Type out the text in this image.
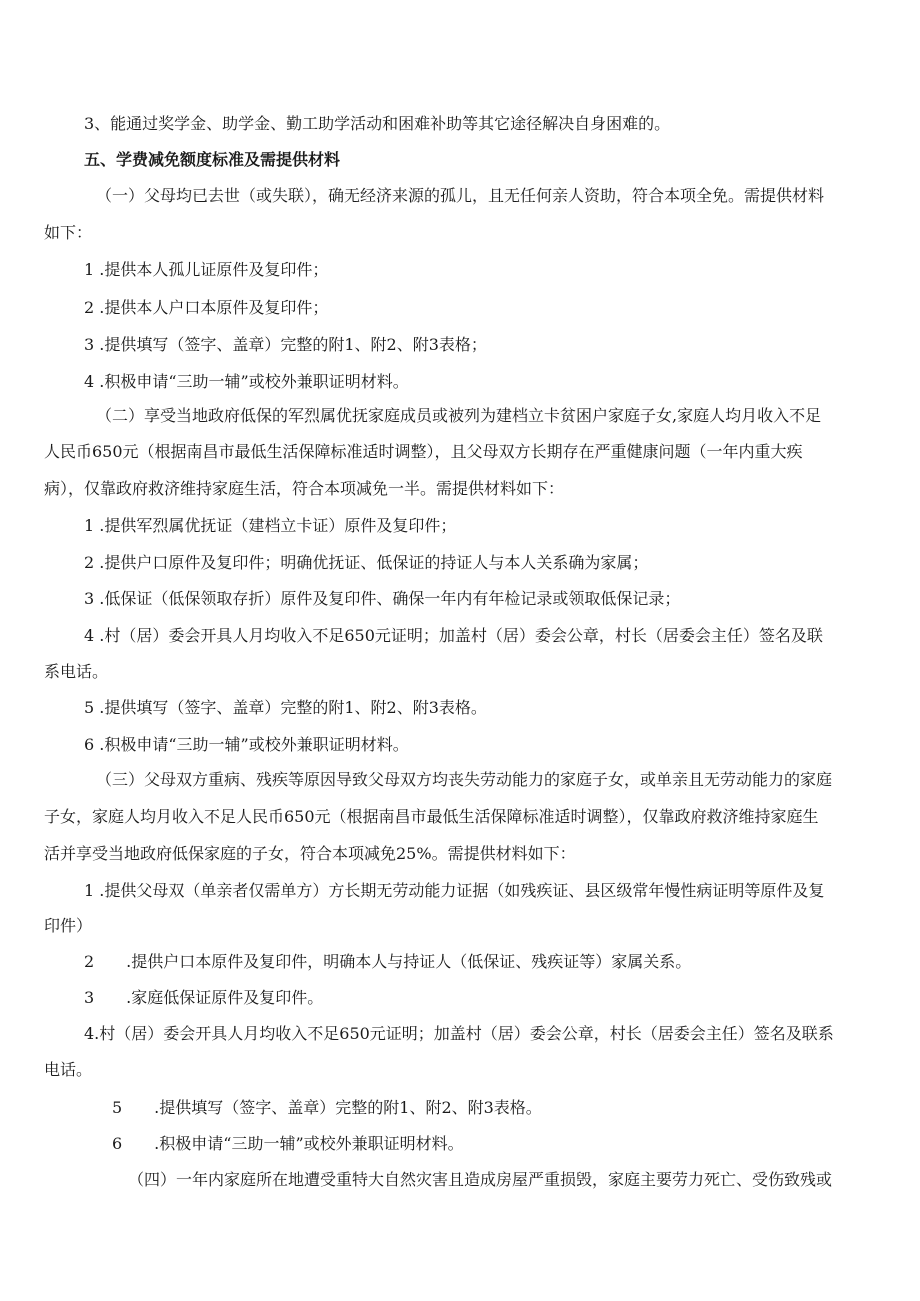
3、能通过奖学金、助学金、勤工助学活动和困难补助等其它途径解决自身困难的。
五、学费减免额度标准及需提供材料
（一）父母均已去世（或失联），确无经济来源的孤儿，且无任何亲人资助，符合本项全免。需提供材料
如下：
1 .提供本人孤儿证原件及复印件；
2 .提供本人户口本原件及复印件；
3 .提供填写（签字、盖章）完整的附1、附2、附3表格；
4 .积极申请“三助一辅”或校外兼职证明材料。
（二）享受当地政府低保的军烈属优抚家庭成员或被列为建档立卡贫困户家庭子女,家庭人均月收入不足
人民币650元（根据南昌市最低生活保障标准适时调整），且父母双方长期存在严重健康问题（一年内重大疾
病），仅靠政府救济维持家庭生活，符合本项减免一半。需提供材料如下：
1 .提供军烈属优抚证（建档立卡证）原件及复印件；
2 .提供户口原件及复印件；明确优抚证、低保证的持证人与本人关系确为家属；
3 .低保证（低保领取存折）原件及复印件、确保一年内有年检记录或领取低保记录；
4 .村（居）委会开具人月均收入不足650元证明；加盖村（居）委会公章，村长（居委会主任）签名及联
系电话。
5 .提供填写（签字、盖章）完整的附1、附2、附3表格。
6 .积极申请“三助一辅”或校外兼职证明材料。
（三）父母双方重病、残疾等原因导致父母双方均丧失劳动能力的家庭子女，或单亲且无劳动能力的家庭
子女，家庭人均月收入不足人民币650元（根据南昌市最低生活保障标准适时调整），仅靠政府救济维持家庭生
活并享受当地政府低保家庭的子女，符合本项减免25%。需提供材料如下：
1 .提供父母双（单亲者仅需单方）方长期无劳动能力证据（如残疾证、县区级常年慢性病证明等原件及复
印件）
2　　.提供户口本原件及复印件，明确本人与持证人（低保证、残疾证等）家属关系。
3　　.家庭低保证原件及复印件。
4.村（居）委会开具人月均收入不足650元证明；加盖村（居）委会公章，村长（居委会主任）签名及联系
电话。
5　　.提供填写（签字、盖章）完整的附1、附2、附3表格。
6　　.积极申请“三助一辅”或校外兼职证明材料。
（四）一年内家庭所在地遭受重特大自然灾害且造成房屋严重损毁，家庭主要劳力死亡、受伤致残或
